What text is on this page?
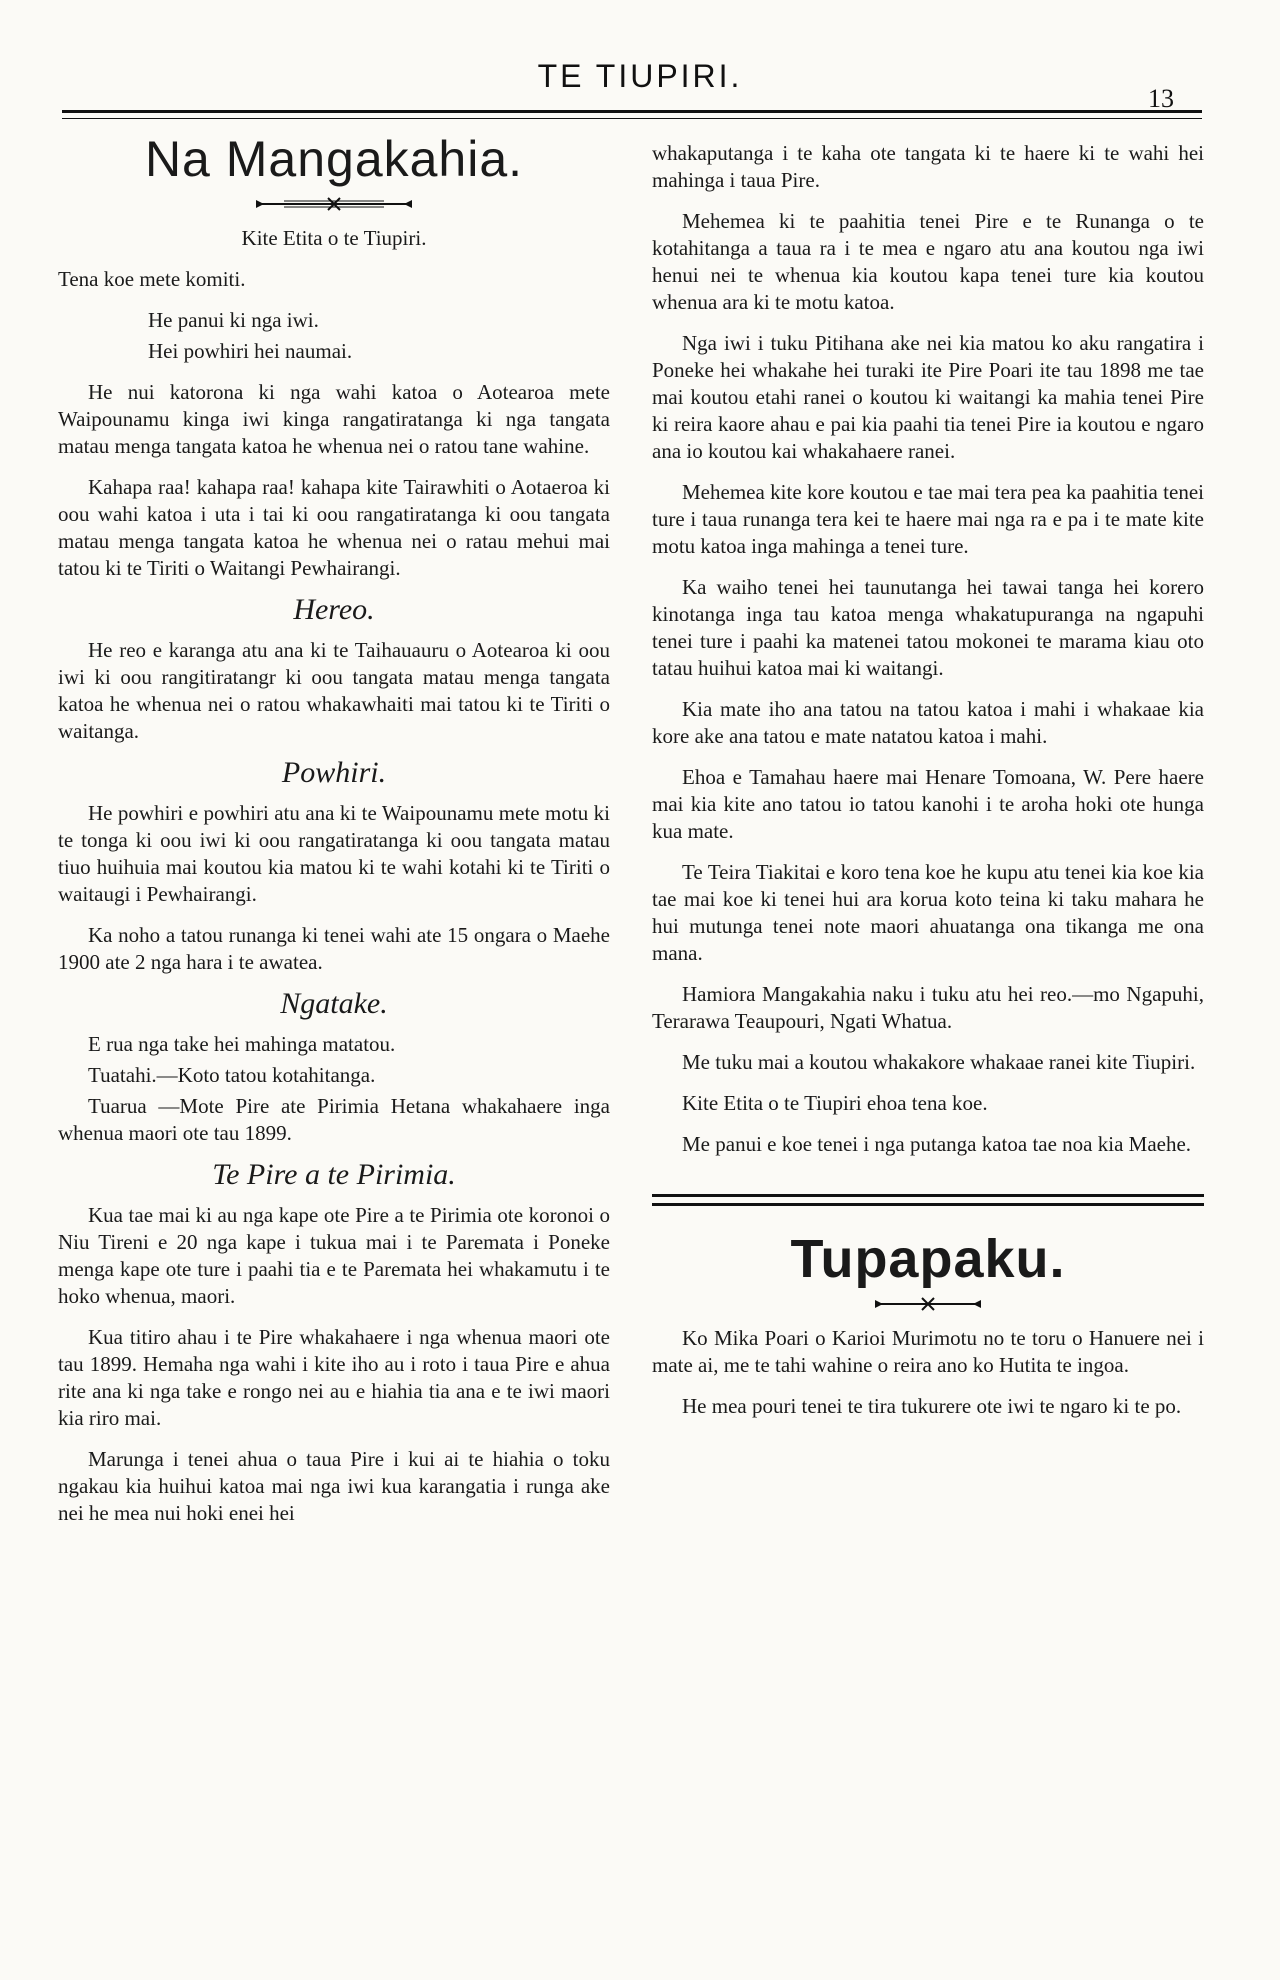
TE TIUPIRI.
13
Na Mangakahia.

Kite Etita o te Tiupiri.

Tena koe mete komiti.

He panui ki nga iwi.

Hei powhiri hei naumai.

He nui katorona ki nga wahi katoa o Aotearoa mete Waipounamu kinga iwi kinga rangatiratanga ki nga tangata matau menga tangata katoa he whenua nei o ratou tane wahine.

Kahapa raa! kahapa raa! kahapa kite Tairawhiti o Aotaeroa ki oou wahi katoa i uta i tai ki oou rangatiratanga ki oou tangata matau menga tangata katoa he whenua nei o ratau mehui mai tatou ki te Tiriti o Waitangi Pewhairangi.

Hereo.

He reo e karanga atu ana ki te Taihauauru o Aotearoa ki oou iwi ki oou rangitiratangr ki oou tangata matau menga tangata katoa he whenua nei o ratou whakawhaiti mai tatou ki te Tiriti o waitanga.

Powhiri.

He powhiri e powhiri atu ana ki te Waipounamu mete motu ki te tonga ki oou iwi ki oou rangatiratanga ki oou tangata matau tiuo huihuia mai koutou kia matou ki te wahi kotahi ki te Tiriti o waitaugi i Pewhairangi.

Ka noho a tatou runanga ki tenei wahi ate 15 ongara o Maehe 1900 ate 2 nga hara i te awatea.

Ngatake.

E rua nga take hei mahinga matatou.

Tuatahi.—Koto tatou kotahitanga.

Tuarua —Mote Pire ate Pirimia Hetana whakahaere inga whenua maori ote tau 1899.

Te Pire a te Pirimia.

Kua tae mai ki au nga kape ote Pire a te Pirimia ote koronoi o Niu Tireni e 20 nga kape i tukua mai i te Paremata i Poneke menga kape ote ture i paahi tia e te Paremata hei whakamutu i te hoko whenua, maori.

Kua titiro ahau i te Pire whakahaere i nga whenua maori ote tau 1899. Hemaha nga wahi i kite iho au i roto i taua Pire e ahua rite ana ki nga take e rongo nei au e hiahia tia ana e te iwi maori kia riro mai.

Marunga i tenei ahua o taua Pire i kui ai te hiahia o toku ngakau kia huihui katoa mai nga iwi kua karangatia i runga ake nei he mea nui hoki enei hei

whakaputanga i te kaha ote tangata ki te haere ki te wahi hei mahinga i taua Pire.

Mehemea ki te paahitia tenei Pire e te Runanga o te kotahitanga a taua ra i te mea e ngaro atu ana koutou nga iwi henui nei te whenua kia koutou kapa tenei ture kia koutou whenua ara ki te motu katoa.

Nga iwi i tuku Pitihana ake nei kia matou ko aku rangatira i Poneke hei whakahe hei turaki ite Pire Poari ite tau 1898 me tae mai koutou etahi ranei o koutou ki waitangi ka mahia tenei Pire ki reira kaore ahau e pai kia paahi tia tenei Pire ia koutou e ngaro ana io koutou kai whakahaere ranei.

Mehemea kite kore koutou e tae mai tera pea ka paahitia tenei ture i taua runanga tera kei te haere mai nga ra e pa i te mate kite motu katoa inga mahinga a tenei ture.

Ka waiho tenei hei taunutanga hei tawai tanga hei korero kinotanga inga tau katoa menga whakatupuranga na ngapuhi tenei ture i paahi ka matenei tatou mokonei te marama kiau oto tatau huihui katoa mai ki waitangi.

Kia mate iho ana tatou na tatou katoa i mahi i whakaae kia kore ake ana tatou e mate natatou katoa i mahi.

Ehoa e Tamahau haere mai Henare Tomoana, W. Pere haere mai kia kite ano tatou io tatou kanohi i te aroha hoki ote hunga kua mate.

Te Teira Tiakitai e koro tena koe he kupu atu tenei kia koe kia tae mai koe ki tenei hui ara korua koto teina ki taku mahara he hui mutunga tenei note maori ahuatanga ona tikanga me ona mana.

Hamiora Mangakahia naku i tuku atu hei reo.—mo Ngapuhi, Terarawa Teaupouri, Ngati Whatua.

Me tuku mai a koutou whakakore whakaae ranei kite Tiupiri.

Kite Etita o te Tiupiri ehoa tena koe.

Me panui e koe tenei i nga putanga katoa tae noa kia Maehe.

Tupapaku.

Ko Mika Poari o Karioi Murimotu no te toru o Hanuere nei i mate ai, me te tahi wahine o reira ano ko Hutita te ingoa.

He mea pouri tenei te tira tukurere ote iwi te ngaro ki te po.
